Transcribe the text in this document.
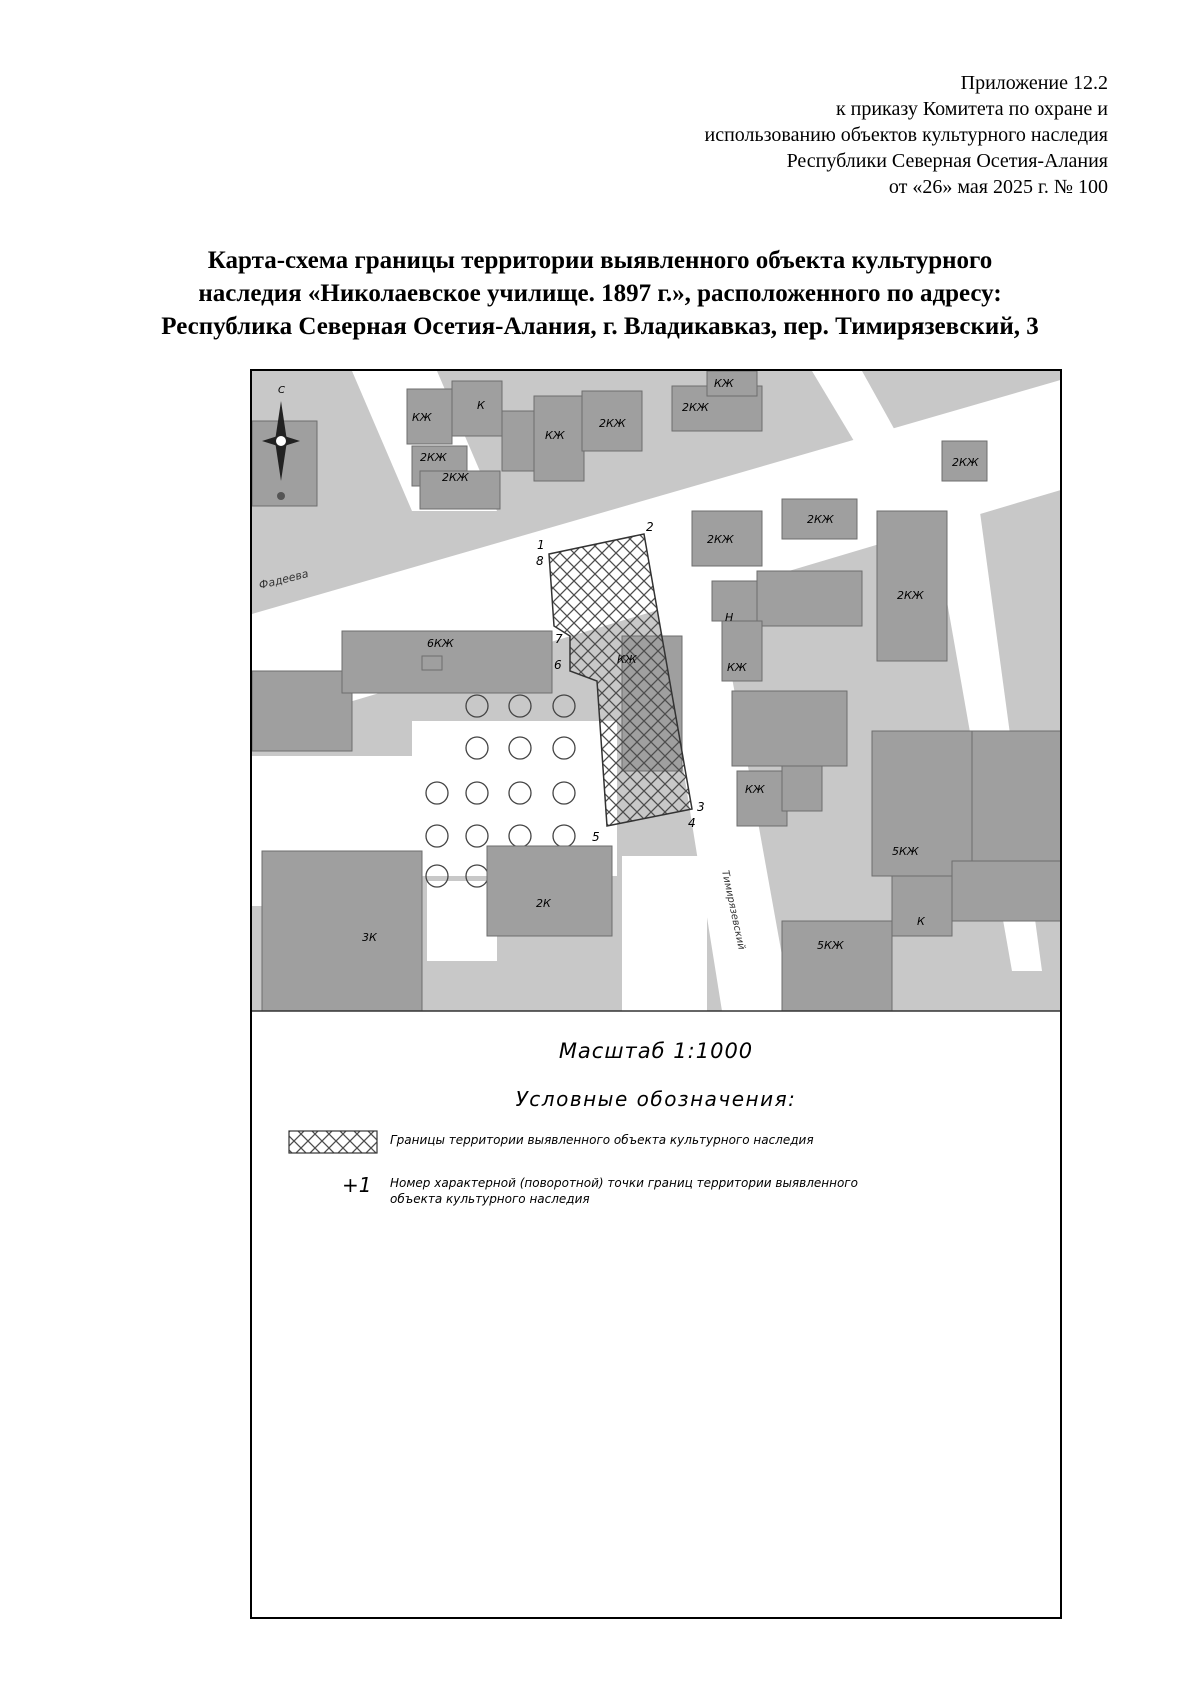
Приложение 12.2
к приказу Комитета по охране и
использованию объектов культурного наследия
Республики Северная Осетия-Алания
от «26» мая 2025 г. № 100
Карта-схема границы территории выявленного объекта культурного
наследия «Николаевское училище. 1897 г.», расположенного по адресу:
Республика Северная Осетия-Алания, г. Владикавказ, пер. Тимирязевский, 3
С
Фадеева
Тимирязевский
КЖ
К
2КЖ
2КЖ
КЖ
2КЖ
2КЖ
КЖ
2КЖ
2КЖ
2КЖ
2КЖ
6КЖ
КЖ
Н
КЖ
КЖ
5КЖ
2К
3К
5КЖ
К
1
2
3
4
5
6
7
8
Масштаб 1:1000
Условные обозначения:
Границы территории выявленного объекта культурного наследия
+1 Номер характерной (поворотной) точки границ территории выявленного объекта культурного наследия
